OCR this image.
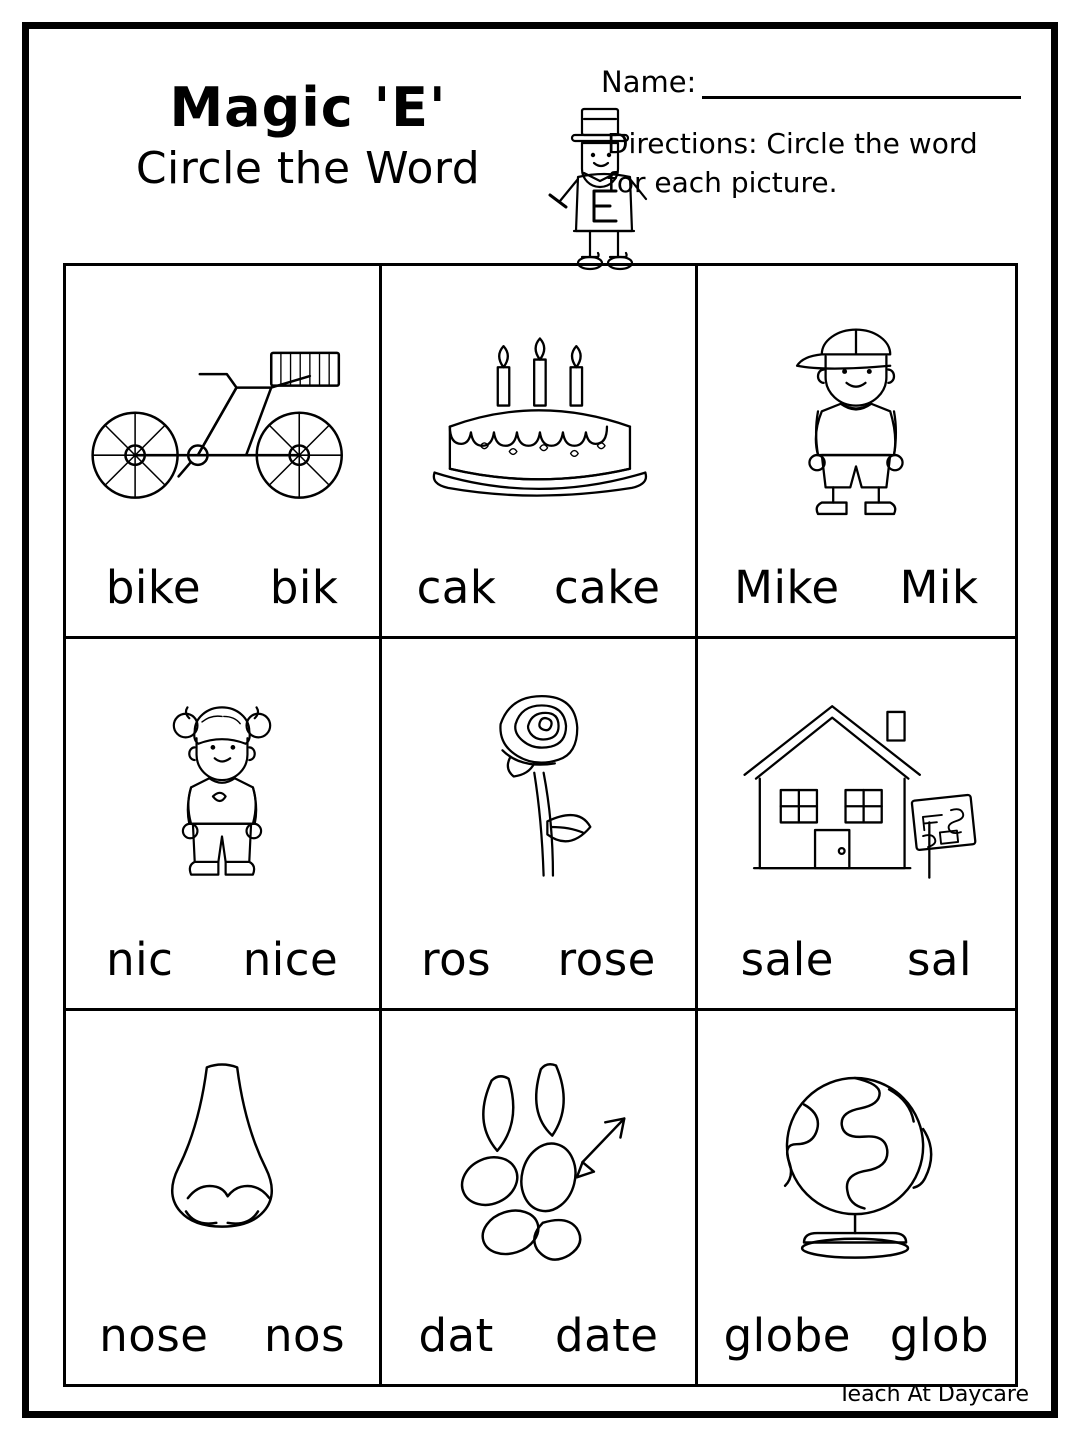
Magic 'E'
Circle the Word
Name:
Directions: Circle the word for each picture.
bike bik cak cake Mike Mik
nic nice ros rose sale sal
nose nos dat date globe glob
Teach At Daycare
